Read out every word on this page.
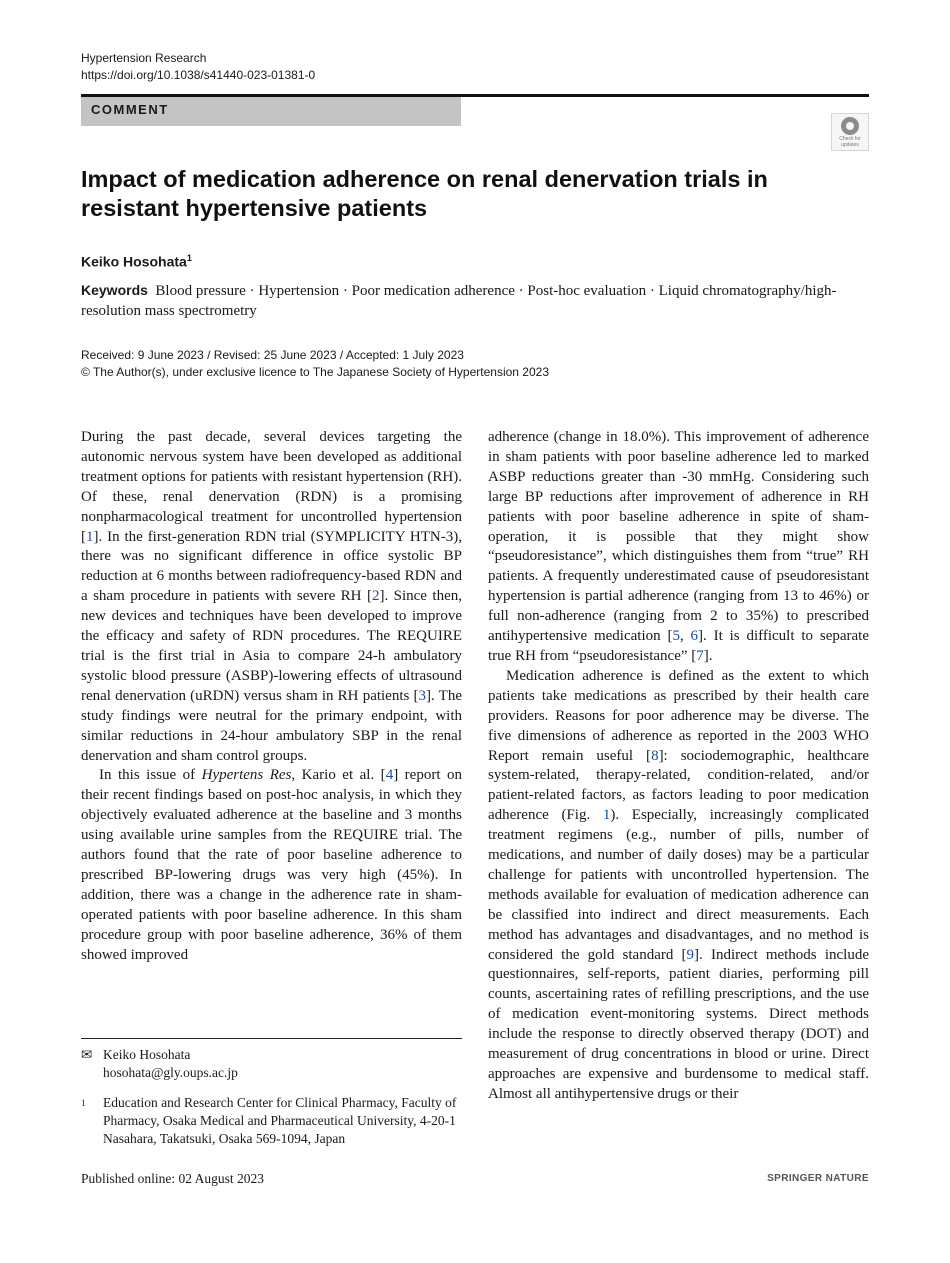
Hypertension Research
https://doi.org/10.1038/s41440-023-01381-0
COMMENT
Check for updates
Impact of medication adherence on renal denervation trials in resistant hypertensive patients
Keiko Hosohata$^1$
Keywords Blood pressure · Hypertension · Poor medication adherence · Post-hoc evaluation · Liquid chromatography/high-resolution mass spectrometry
Received: 9 June 2023 / Revised: 25 June 2023 / Accepted: 1 July 2023
© The Author(s), under exclusive licence to The Japanese Society of Hypertension 2023

During the past decade, several devices targeting the autonomic nervous system have been developed as additional treatment options for patients with resistant hypertension (RH). Of these, renal denervation (RDN) is a promising nonpharmacological treatment for uncontrolled hypertension [1]. In the first-generation RDN trial (SYMPLICITY HTN-3), there was no significant difference in office systolic BP reduction at 6 months between radiofrequency-based RDN and a sham procedure in patients with severe RH [2]. Since then, new devices and techniques have been developed to improve the efficacy and safety of RDN procedures. The REQUIRE trial is the first trial in Asia to compare 24-h ambulatory systolic blood pressure (ASBP)-lowering effects of ultrasound renal denervation (uRDN) versus sham in RH patients [3]. The study findings were neutral for the primary endpoint, with similar reductions in 24-hour ambulatory SBP in the renal denervation and sham control groups.

In this issue of Hypertens Res, Kario et al. [4] report on their recent findings based on post-hoc analysis, in which they objectively evaluated adherence at the baseline and 3 months using available urine samples from the REQUIRE trial. The authors found that the rate of poor baseline adherence to prescribed BP-lowering drugs was very high (45%). In addition, there was a change in the adherence rate in sham-operated patients with poor baseline adherence. In this sham procedure group with poor baseline adherence, 36% of them showed improved

adherence (change in 18.0%). This improvement of adherence in sham patients with poor baseline adherence led to marked ASBP reductions greater than -30 mmHg. Considering such large BP reductions after improvement of adherence in RH patients with poor baseline adherence in spite of sham-operation, it is possible that they might show “pseudoresistance”, which distinguishes them from “true” RH patients. A frequently underestimated cause of pseudoresistant hypertension is partial adherence (ranging from 13 to 46%) or full non-adherence (ranging from 2 to 35%) to prescribed antihypertensive medication [5, 6]. It is difficult to separate true RH from “pseudoresistance” [7].

Medication adherence is defined as the extent to which patients take medications as prescribed by their health care providers. Reasons for poor adherence may be diverse. The five dimensions of adherence as reported in the 2003 WHO Report remain useful [8]: sociodemographic, healthcare system-related, therapy-related, condition-related, and/or patient-related factors, as factors leading to poor medication adherence (Fig. 1). Especially, increasingly complicated treatment regimens (e.g., number of pills, number of medications, and number of daily doses) may be a particular challenge for patients with uncontrolled hypertension. The methods available for evaluation of medication adherence can be classified into indirect and direct measurements. Each method has advantages and disadvantages, and no method is considered the gold standard [9]. Indirect methods include questionnaires, self-reports, patient diaries, performing pill counts, ascertaining rates of refilling prescriptions, and the use of medication event-monitoring systems. Direct methods include the response to directly observed therapy (DOT) and measurement of drug concentrations in blood or urine. Direct approaches are expensive and burdensome to medical staff. Almost all antihypertensive drugs or their

✉ Keiko Hosohata
hosohata@gly.oups.ac.jp
1	Education and Research Center for Clinical Pharmacy, Faculty of Pharmacy, Osaka Medical and Pharmaceutical University, 4-20-1 Nasahara, Takatsuki, Osaka 569-1094, Japan
Published online: 02 August 2023	SPRINGER NATURE
